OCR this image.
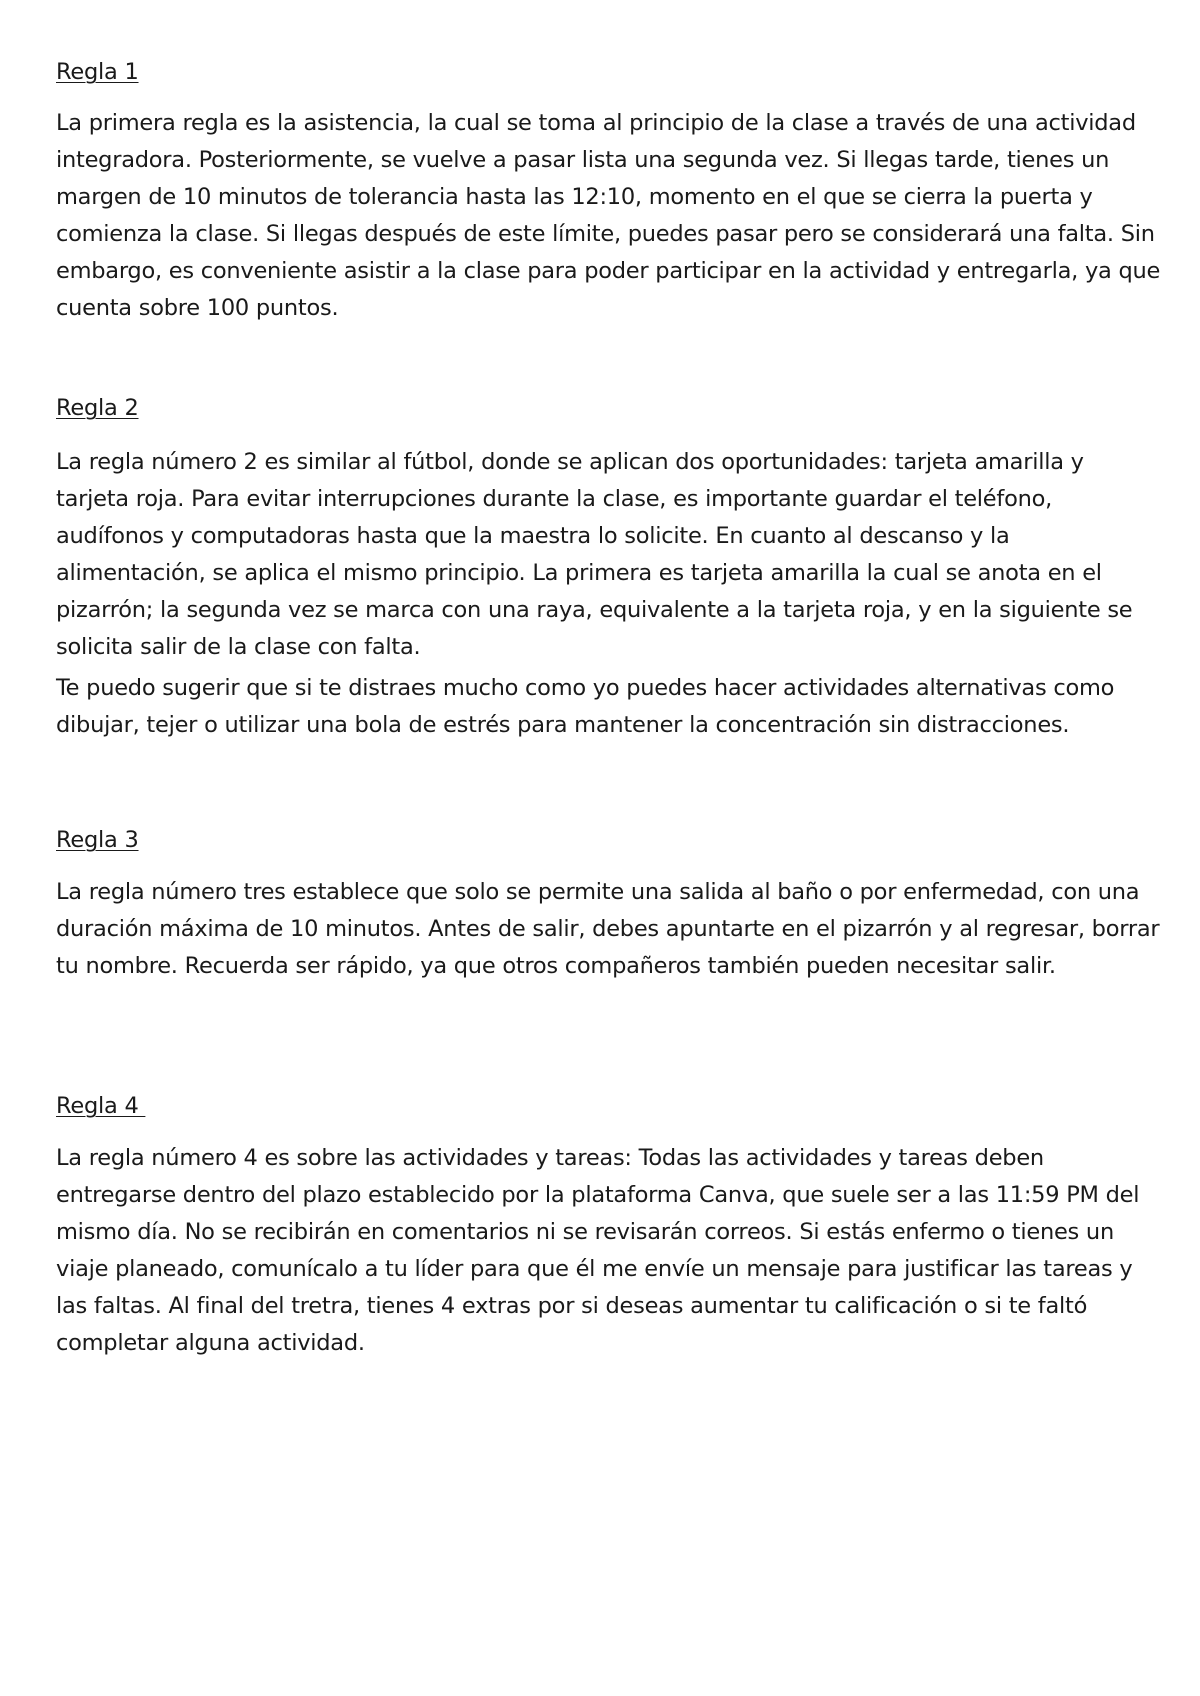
Regla 1

La primera regla es la asistencia, la cual se toma al principio de la clase a través de una actividad integradora. Posteriormente, se vuelve a pasar lista una segunda vez. Si llegas tarde, tienes un margen de 10 minutos de tolerancia hasta las 12:10, momento en el que se cierra la puerta y comienza la clase. Si llegas después de este límite, puedes pasar pero se considerará una falta. Sin embargo, es conveniente asistir a la clase para poder participar en la actividad y entregarla, ya que cuenta sobre 100 puntos.

Regla 2

La regla número 2 es similar al fútbol, donde se aplican dos oportunidades: tarjeta amarilla y tarjeta roja. Para evitar interrupciones durante la clase, es importante guardar el teléfono, audífonos y computadoras hasta que la maestra lo solicite. En cuanto al descanso y la alimentación, se aplica el mismo principio. La primera es tarjeta amarilla la cual se anota en el pizarrón; la segunda vez se marca con una raya, equivalente a la tarjeta roja, y en la siguiente se solicita salir de la clase con falta.

Te puedo sugerir que si te distraes mucho como yo puedes hacer actividades alternativas como dibujar, tejer o utilizar una bola de estrés para mantener la concentración sin distracciones.

Regla 3

La regla número tres establece que solo se permite una salida al baño o por enfermedad, con una duración máxima de 10 minutos. Antes de salir, debes apuntarte en el pizarrón y al regresar, borrar tu nombre. Recuerda ser rápido, ya que otros compañeros también pueden necesitar salir.

Regla 4

La regla número 4 es sobre las actividades y tareas: Todas las actividades y tareas deben entregarse dentro del plazo establecido por la plataforma Canva, que suele ser a las 11:59 PM del mismo día. No se recibirán en comentarios ni se revisarán correos. Si estás enfermo o tienes un viaje planeado, comunícalo a tu líder para que él me envíe un mensaje para justificar las tareas y las faltas. Al final del tretra, tienes 4 extras por si deseas aumentar tu calificación o si te faltó completar alguna actividad.
